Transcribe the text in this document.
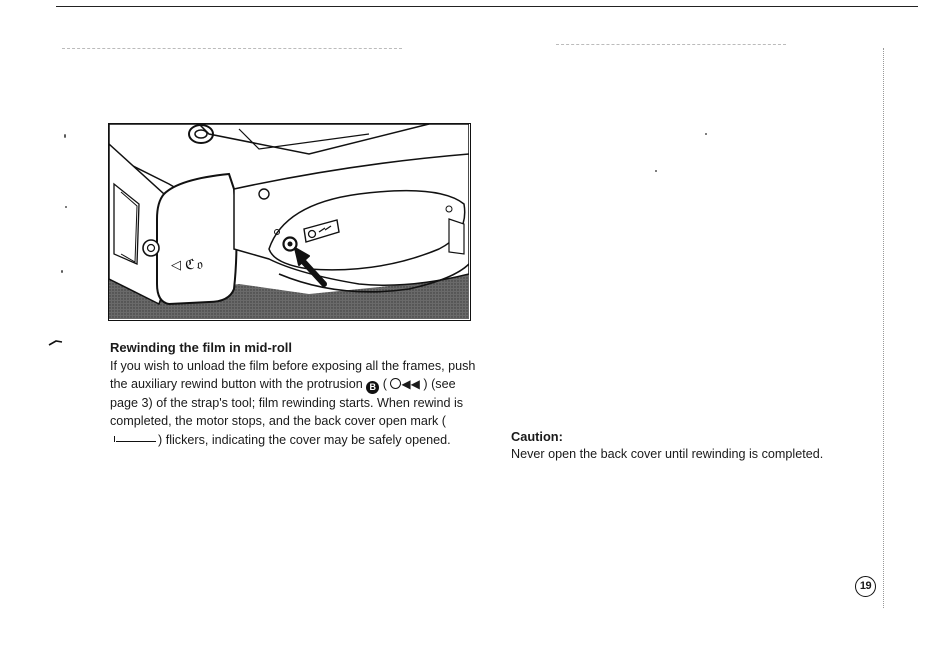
◁ ℭ 𝔬
Rewinding the film in mid-roll

If you wish to unload the film before exposing all the frames, push the auxiliary rewind button with the protrusion B ( ◀◀ ) (see page 3) of the strap's tool; film rewinding starts. When rewind is completed, the motor stops, and the back cover open mark () flickers, indicating the cover may be safely opened.	Caution:

Never open the back cover until rewinding is completed.

19
